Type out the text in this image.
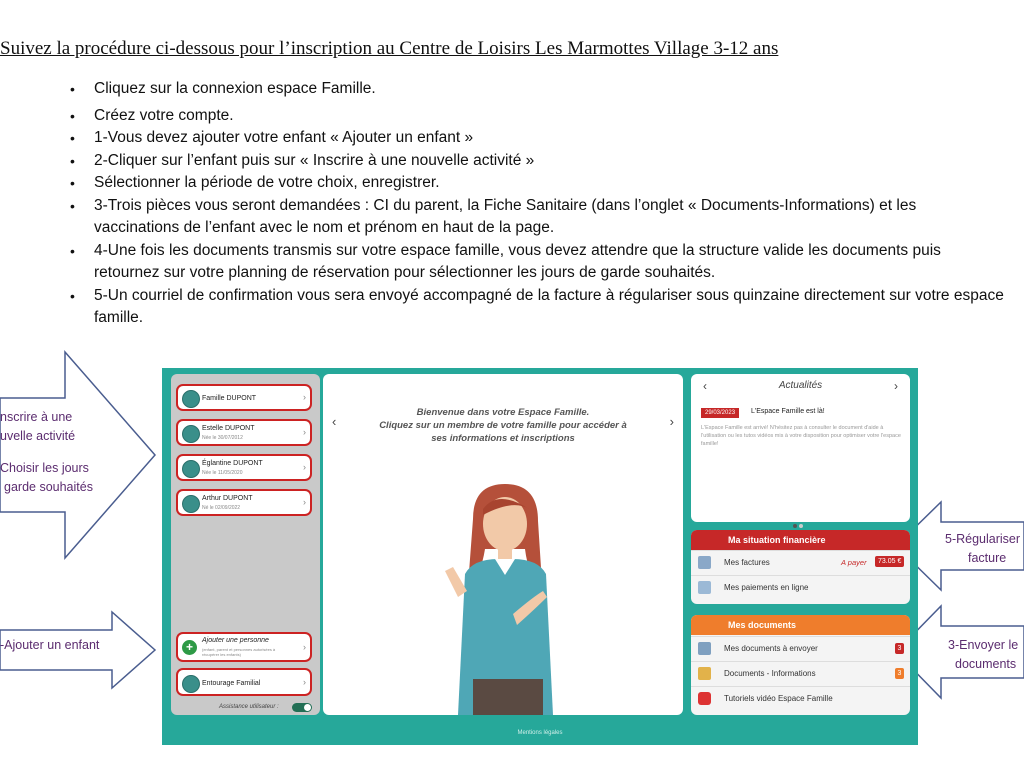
Suivez la procédure ci-dessous pour l’inscription au Centre de Loisirs Les Marmottes Village 3-12 ans
• Cliquez sur la connexion espace Famille.
• Créez votre compte.
• 1-Vous devez ajouter votre enfant « Ajouter un enfant »
• 2-Cliquer sur l’enfant puis sur « Inscrire à une nouvelle activité »
• Sélectionner la période de votre choix, enregistrer.
• 3-Trois pièces vous seront demandées : CI du parent, la Fiche Sanitaire (dans l’onglet « Documents-Informations) et les vaccinations de l’enfant avec le nom et prénom en haut de la page.
• 4-Une fois les documents transmis sur votre espace famille, vous devez attendre que la structure valide les documents puis retournez sur votre planning de réservation pour sélectionner les jours de garde souhaités.
• 5-Un courriel de confirmation vous sera envoyé accompagné de la facture à régulariser sous quinzaine directement sur votre espace famille.
nscrire à une
uvelle activité
Choisir les jours
garde souhaités
-Ajouter un enfant
5-Régulariser
facture
3-Envoyer le
documents
Famille DUPONT	›
Estelle DUPONT
Née le 30/07/2012
›
Églantine DUPONT
Née le 11/05/2020
›
Arthur DUPONT
Né le 02/09/2022
›
+	Ajouter une personne
(enfant, parent et personnes autorisées à récupérer les enfants)
›
Entourage Familial	›
Assistance utilisateur :
‹	›
Bienvenue dans votre Espace Famille.
Cliquez sur un membre de votre famille pour accéder à ses informations et inscriptions
‹	Actualités	›
29/03/2023	L'Espace Famille est là!
L'Espace Famille est arrivé! N'hésitez pas à consulter le document d'aide à l'utilisation ou les tutos vidéos mis à votre disposition pour optimiser votre l'espace famille!
Ma situation financière
Mes factures	A payer	73.05 €
Mes paiements en ligne
Mes documents
Mes documents à envoyer	3
Documents - Informations	3
Tutoriels vidéo Espace Famille
Mentions légales
